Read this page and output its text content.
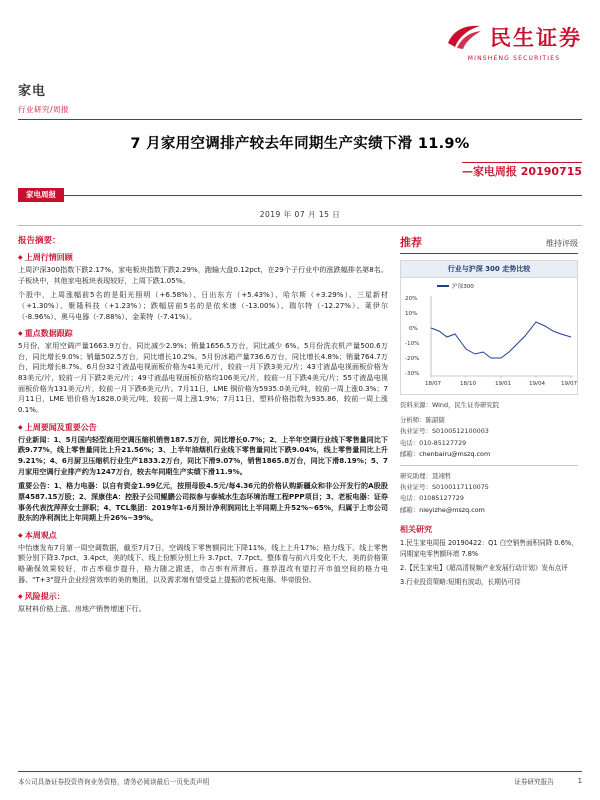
民生证券
MINSHENG SECURITIES
家电
行业研究/周报
7 月家用空调排产较去年同期生产实绩下滑 11.9%
—家电周报 20190715
家电周报
2019 年 07 月 15 日
报告摘要：
◆ 上周行情回顾

上周沪深300指数下跌2.17%，家电板块指数下跌2.29%，跑输大盘0.12pct，在29个子行业中的涨跌幅排名第8名。子板块中，其他家电板块表现较好，上周下跌1.05%。

个股中，上周涨幅前5名的是阳光照明（+6.58%）、日出东方（+5.43%）、哈尔斯（+3.29%）、三星新材（+1.30%）、聚隆科技（+1.23%）；跌幅居前5名的是依米康（-13.00%）、瑞尔特（-12.27%）、莱伊尔（-8.96%）、奥马电器（-7.88%）、金莱特（-7.41%）。

◆ 重点数据跟踪

5月份，家用空调产量1663.9万台，同比减少2.9%；销量1656.5万台，同比减少 6%。5月份洗衣机产量500.6万台，同比增长9.0%；销量502.5万台，同比增长10.2%。5月份冰箱产量736.6万台，同比增长4.8%；销量764.7万台，同比增长8.7%。6月份32寸液晶电视面板价格为41美元/片，较前一月下跌3美元/片；43寸液晶电视面板价格为83美元/片，较前一月下跌2美元/片；49寸液晶电视面板价格均106美元/片，较前一月下跌4美元/片；55寸液晶电视面板价格为131美元/片，较前一月下跌6美元/片。7月11日，LME 铜价格为5935.0美元/吨，较前一周上涨0.3%；7月11日，LME 铝价格为1828.0美元/吨，较前一周上涨1.9%；7月11日，塑料价格指数为935.86，较前一周上涨0.1%。

◆ 上周要闻及重要公告

行业新闻：1、5月国内轻型商用空调压缩机销售187.5万台，同比增长0.7%；2、上半年空调行业线下零售量同比下跌9.77%，线上零售量同比上升21.56%；3、上半年油烟机行业线下零售量同比下跌9.04%，线上零售量同比上升9.21%；4、6月厨卫压缩机行业生产1833.2万台，同比下滑9.07%，销售1865.8万台，同比下滑8.19%；5、7月家用空调行业排产约为1247万台，较去年同期生产实绩下滑11.9%。

重要公告：1、格力电器：以自有资金1.99亿元，按照母股4.5元/每4.36元的价格认购新疆众和非公开发行的A股股票4587.15万股；2、深康佳A：控股子公司鲲鹏公司拟参与泰城水生态环境治理工程PPP项目；3、老板电器：证券事务代表沈萍萍女士辞职；4、TCL集团：2019年1-6月预计净利润同比上半同期上升52%~65%，归属于上市公司股东的净利润比上年同期上升26%~39%。

◆ 本周观点

中怡康发布7月第一周空调数据，截至7月7日，空调线下零售额同比下降11%，线上上升17%；格力线下、线上零售额分别下降3.7pct、3.4pct，美的线下、线上份额分别上升 3.7pct、7.7pct。整体看与前六月变化不大，美的价格策略确保效果较好，市占率稳步提升，格力随之跟进，市占率有所滞后。推荐混改有望打开市值空间的格力电器、"T+3"提升企业经营效率的美的集团，以及需求端有望受益上提振的老板电器、华帝股份。

◆ 风险提示：

原材料价格上涨、房地产销售增速下行。

推荐	维持评级
行业与沪深 300 走势比较
沪深300
20%
10%
0%
-10%
-20%
-30%
18/07	18/10	19/01	19/04	19/07
资料来源：Wind，民生证券研究院
分析师：陈韶儒
执业证号：S0100512100003
电话：010-85127729
邮箱：chenbairu@mszq.com
研究助理：聂翊哲
执业证号：S0100117110075
电话：01085127729
邮箱：nieyizhe@mszq.com
相关研究
1.民生家电周报 20190422：Q1 白空销售面积同降 0.6%，同期家电零售额环增 7.8%
2.【民生家电】《超高清视频产业发展行动计划》发布点评
3.行业投资策略:短期有波动，长期仍可待
本公司具备证券投资咨询业务资格，请务必阅读最后一页免责声明	证券研究报告	1
